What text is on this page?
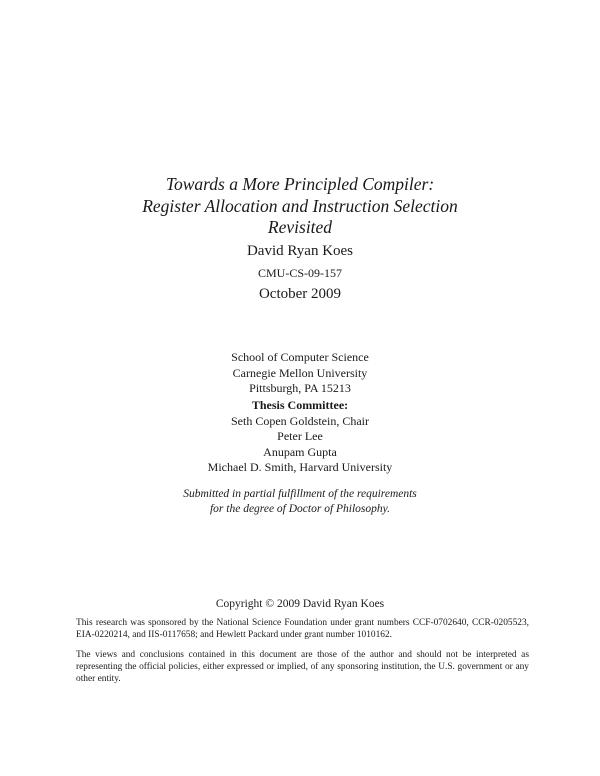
Towards a More Principled Compiler:
Register Allocation and Instruction Selection
Revisited
David Ryan Koes
CMU-CS-09-157
October 2009
School of Computer Science
Carnegie Mellon University
Pittsburgh, PA 15213
Thesis Committee:
Seth Copen Goldstein, Chair
Peter Lee
Anupam Gupta
Michael D. Smith, Harvard University
Submitted in partial fulfillment of the requirements
for the degree of Doctor of Philosophy.
Copyright © 2009 David Ryan Koes
This research was sponsored by the National Science Foundation under grant numbers CCF-0702640, CCR-0205523, EIA-0220214, and IIS-0117658; and Hewlett Packard under grant number 1010162.
The views and conclusions contained in this document are those of the author and should not be interpreted as representing the official policies, either expressed or implied, of any sponsoring institution, the U.S. government or any other entity.
